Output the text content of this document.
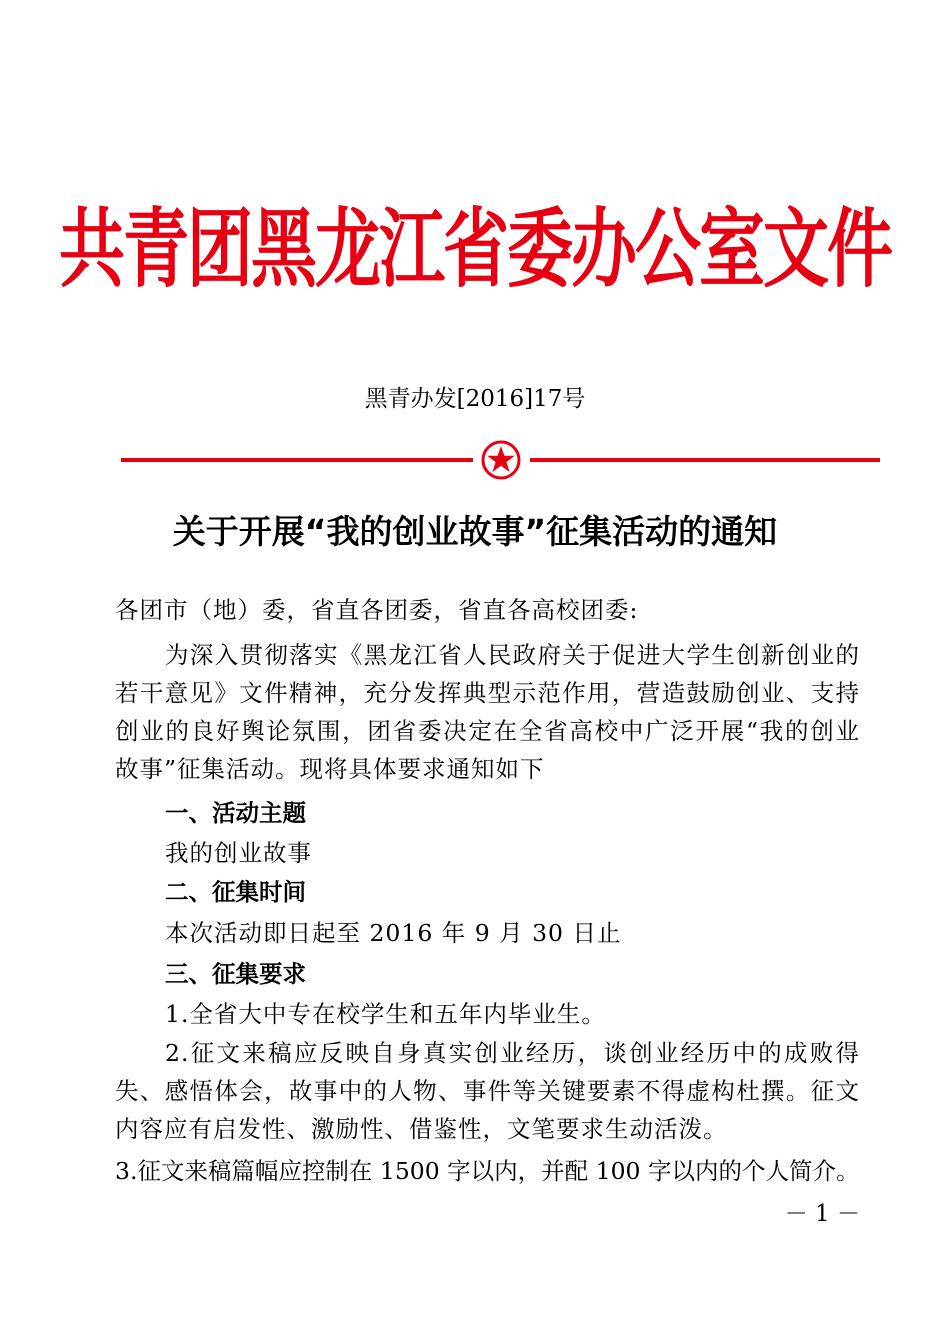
共青团黑龙江省委办公室文件
黑青办发[2016]17号
关于开展“我的创业故事”征集活动的通知

各团市（地）委，省直各团委，省直各高校团委:

为深入贯彻落实《黑龙江省人民政府关于促进大学生创新创业的若干意见》文件精神，充分发挥典型示范作用，营造鼓励创业、支持创业的良好舆论氛围，团省委决定在全省高校中广泛开展“我的创业故事”征集活动。现将具体要求通知如下

一、活动主题
我的创业故事
二、征集时间
本次活动即日起至 2016 年 9 月 30 日止
三、征集要求
1.全省大中专在校学生和五年内毕业生。

2.征文来稿应反映自身真实创业经历，谈创业经历中的成败得失、感悟体会，故事中的人物、事件等关键要素不得虚构杜撰。征文内容应有启发性、激励性、借鉴性，文笔要求生动活泼。

3.征文来稿篇幅应控制在 1500 字以内，并配 100 字以内的个人简介。
－ 1 －
